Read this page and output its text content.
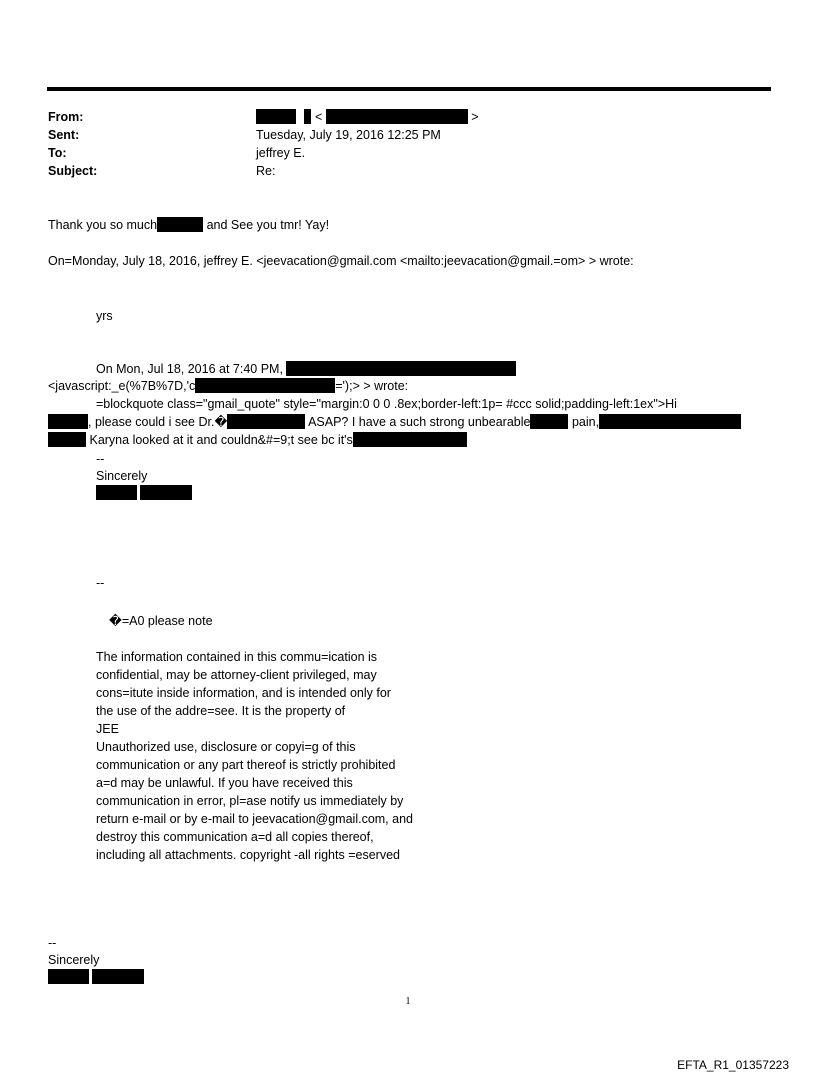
From:	<	>
Sent:	Tuesday, July 19, 2016 12:25 PM
To:	jeffrey E.
Subject:	Re:
Thank you so much	and See you tmr! Yay!
On=Monday, July 18, 2016, jeffrey E. <jeevacation@gmail.com <mailto:jeevacation@gmail.=om> > wrote:
yrs
On Mon, Jul 18, 2016 at 7:40 PM,
<javascript:_e(%7B%7D,'c	=');> > wrote:
=blockquote class="gmail_quote" style="margin:0 0 0 .8ex;border-left:1p= #ccc solid;padding-left:1ex">Hi
, please could i see Dr.�	ASAP? I have a such strong unbearable	pain,
Karyna looked at it and couldn&#=9;t see bc it's
--
Sincerely

--
�=A0 please note
The information contained in this commu=ication is
confidential, may be attorney-client privileged, may
cons=itute inside information, and is intended only for
the use of the addre=see. It is the property of
JEE
Unauthorized use, disclosure or copyi=g of this
communication or any part thereof is strictly prohibited
a=d may be unlawful. If you have received this
communication in error, pl=ase notify us immediately by
return e-mail or by e-mail to jeevacation@gmail.com, and
destroy this communication a=d all copies thereof,
including all attachments. copyright -all rights =eserved
--
Sincerely

1
EFTA_R1_01357223
